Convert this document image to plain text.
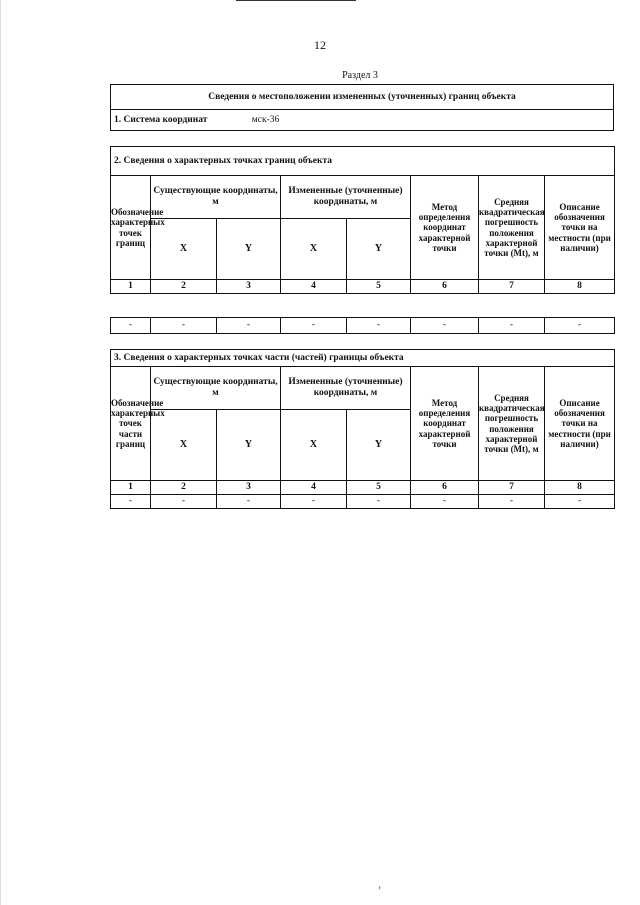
12
Раздел 3
Сведения о местоположении измененных (уточненных) границ объекта
1. Система координат	мск-36
2. Сведения о характерных точках границ объекта							
Обозначение характерных точек границ	Существующие координаты, м		Измененные (уточненные) координаты, м		Метод определения координат характерной точки	Средняя квадратическая погрешность положения характерной точки (Mt), м	Описание обозначения точки на местности (при наличии)
	X	Y	X	Y			
1	2	3	4	5	6	7	8
-	-	-	-	-	-	-	-
3. Сведения о характерных точках части (частей) границы объекта							
Обозначение характерных точек части границ	Существующие координаты, м		Измененные (уточненные) координаты, м		Метод определения координат характерной точки	Средняя квадратическая погрешность положения характерной точки (Mt), м	Описание обозначения точки на местности (при наличии)
	X	Y	X	Y			
1	2	3	4	5	6	7	8
-	-	-	-	-	-	-	-
›
